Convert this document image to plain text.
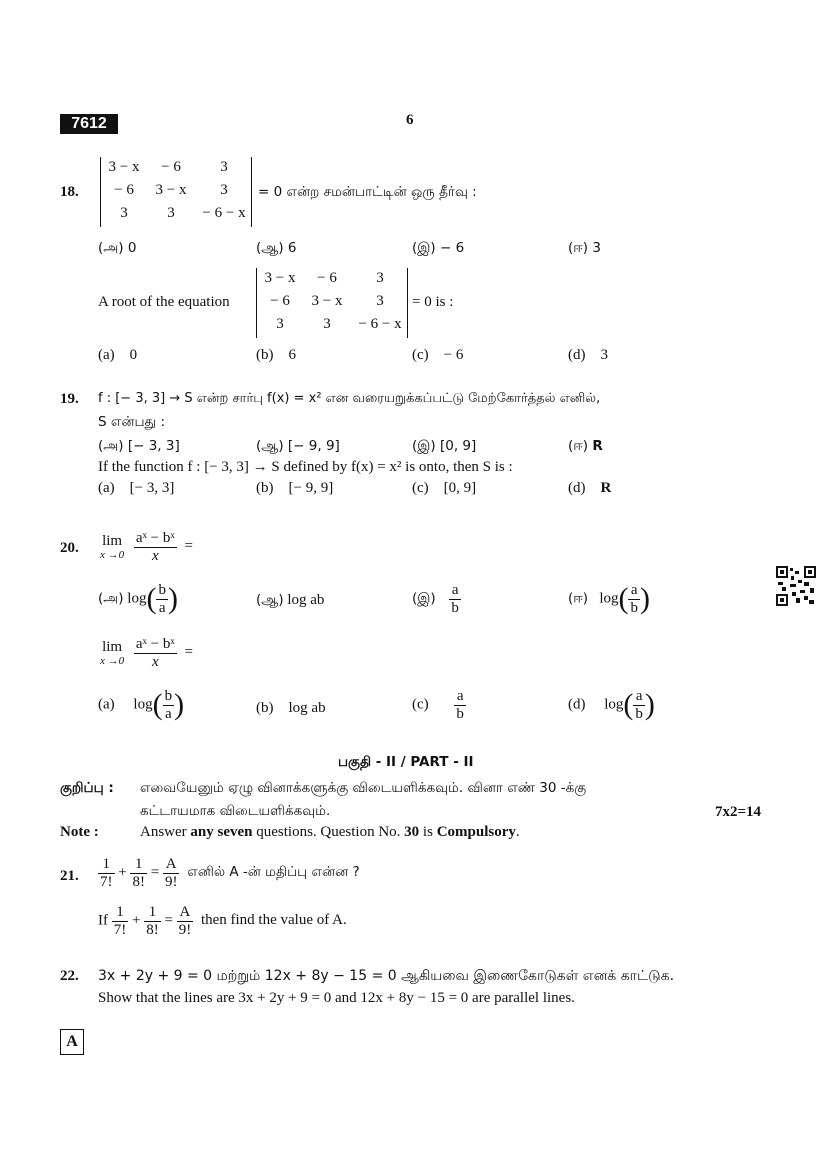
7612	6
18.
3 − x	− 6	3
− 6	3 − x	3
3	3	− 6 − x
= 0 என்ற சமன்பாட்டின் ஒரு தீர்வு :
(அ) 0	(ஆ) 6	(இ) − 6	(ஈ) 3
A root of the equation
3 − x	− 6	3
− 6	3 − x	3
3	3	− 6 − x
= 0 is :
(a) 0	(b) 6	(c) − 6	(d) 3
19. f : [− 3, 3] → S என்ற சார்பு f(x) = x² என வரையறுக்கப்பட்டு மேற்கோர்த்தல் எனில்,
S என்பது :
(அ) [− 3, 3]	(ஆ) [− 9, 9]	(இ) [0, 9]	(ஈ) R
If the function f : [− 3, 3] → S defined by f(x) = x² is onto, then S is :
(a) [− 3, 3]	(b) [− 9, 9]	(c) [0, 9]	(d) R
20. lim
x →0
$\frac{\text{aˣ − bˣ}}{x}$ =
(அ) $\log( \frac{b}{a}$ )	(ஆ) log ab	(இ) $\frac{a}{b}$	(ஈ) $\log( \frac{a}{b}$ )
lim
x →0
$\frac{\text{aˣ − bˣ}}{x}$ =
(a) $\log( \frac{b}{a}$ )	(b) log ab	$(c) \frac{a}{b}$	(d) $\log( \frac{a}{b}$ )
பகுதி - II / PART - II
குறிப்பு : எவையேனும் ஏழு வினாக்களுக்கு விடையளிக்கவும். வினா எண் 30 -க்கு
கட்டாயமாக விடையளிக்கவும்.	7x2=14
Note :	Answer any seven questions. Question No. 30 is Compulsory.
21. $\frac{1}{7!} + \frac{1}{8!} = \frac{A}{9!}$ எனில் A -ன் மதிப்பு என்ன ?
If $\frac{1}{7!} + \frac{1}{8!} = \frac{A}{9!}$ then find the value of A.
22. 3x + 2y + 9 = 0 மற்றும் 12x + 8y − 15 = 0 ஆகியவை இணைகோடுகள் எனக் காட்டுக.
Show that the lines are 3x + 2y + 9 = 0 and 12x + 8y − 15 = 0 are parallel lines.
A
